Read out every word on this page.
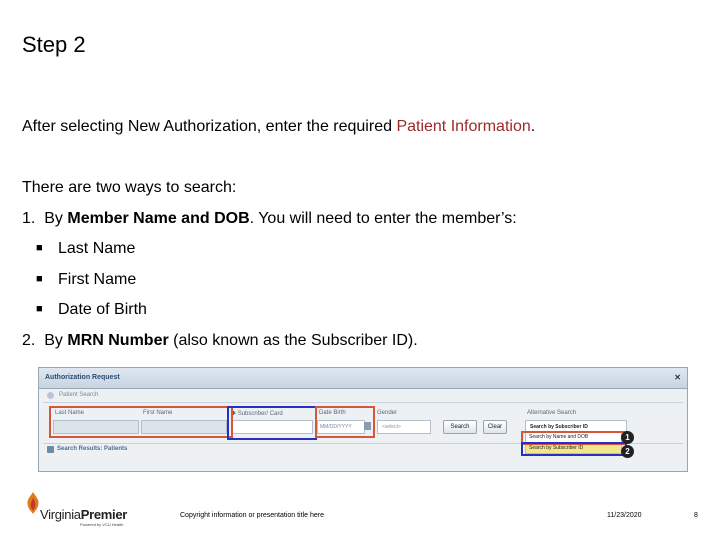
Step 2
After selecting New Authorization, enter the required Patient Information.
There are two ways to search:
1. By Member Name and DOB. You will need to enter the member’s:
■ Last Name
■ First Name
■ Date of Birth
2. By MRN Number (also known as the Subscriber ID).
Authorization Request	✕
Patient Search
Last Name	First Name	✱ Subscriber/ Card	Date Birth
MM/DD/YYYY
Gender
<select>	Search	Clear
Alternative Search
Search by Subscriber ID
Search by Name and DOB
Search by Subscriber ID
Search Results: Patients
1
2
VirginiaPremier
Powered by VCU Health
Copyright information or presentation title here	11/23/2020	8
